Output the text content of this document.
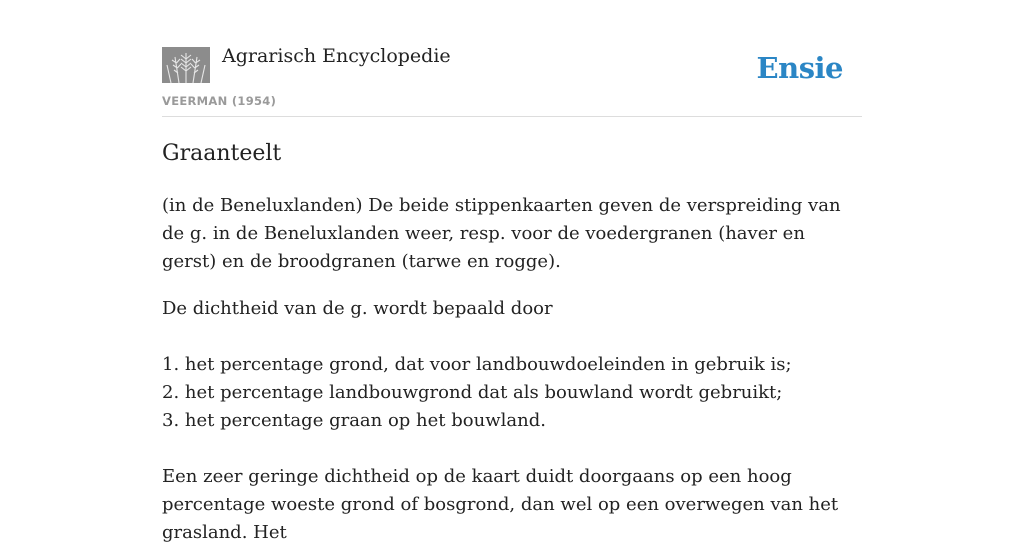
Agrarisch Encyclopedie
VEERMAN (1954)
Ensie
Graanteelt

(in de Beneluxlanden) De beide stippenkaarten geven de verspreiding van de g. in de Beneluxlanden weer, resp. voor de voedergranen (haver en gerst) en de broodgranen (tarwe en rogge).

De dichtheid van de g. wordt bepaald door

1. het percentage grond, dat voor landbouwdoeleinden in gebruik is;
2. het percentage landbouwgrond dat als bouwland wordt gebruikt;
3. het percentage graan op het bouwland.

Een zeer geringe dichtheid op de kaart duidt doorgaans op een hoog percentage woeste grond of bosgrond, dan wel op een overwegen van het grasland. Het
